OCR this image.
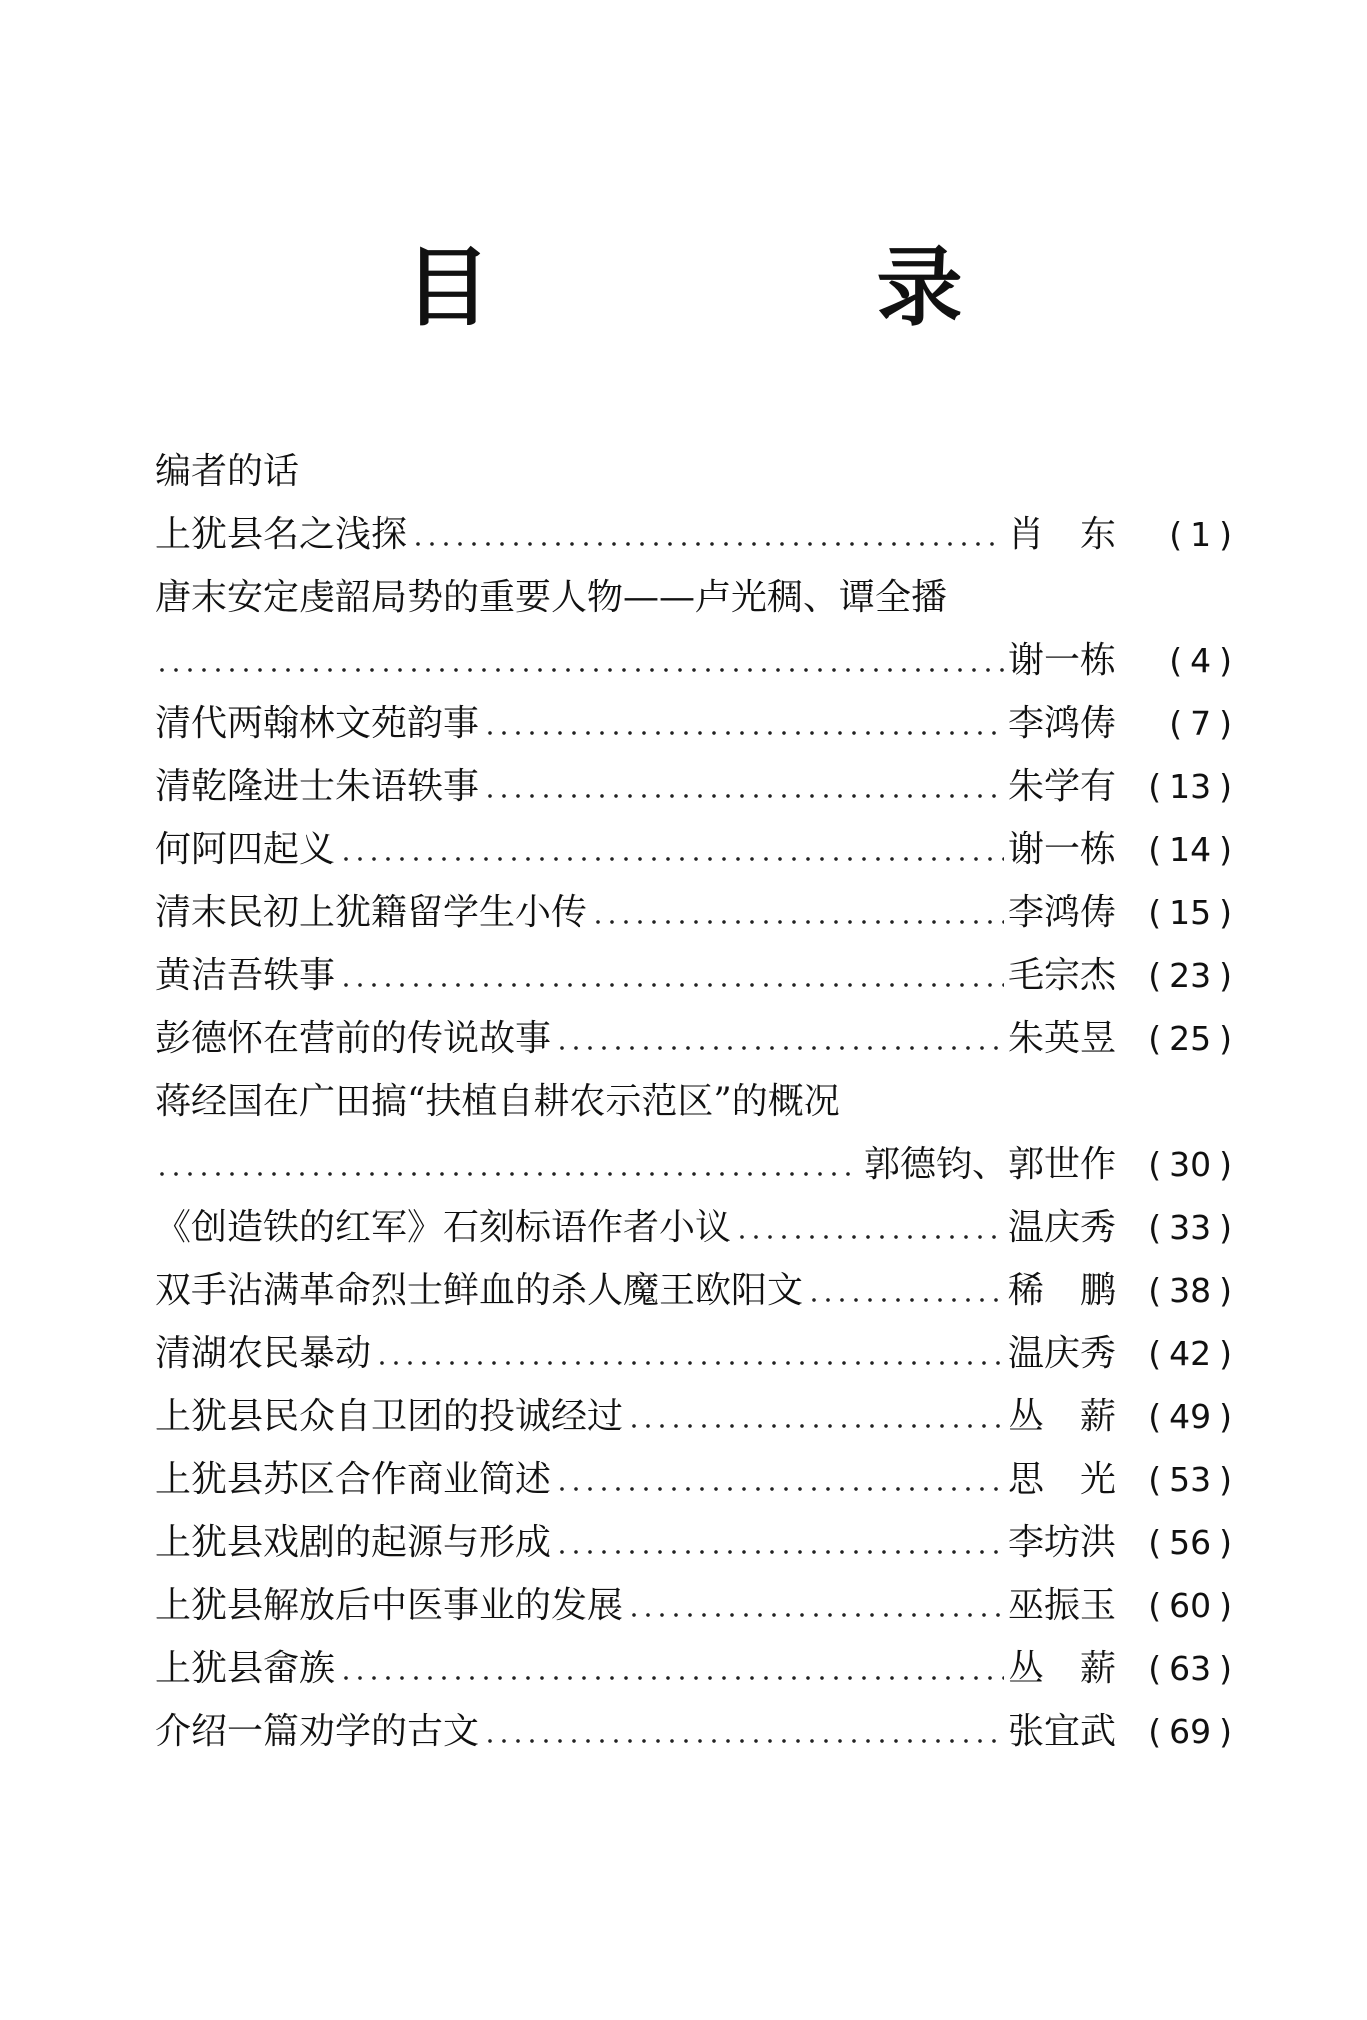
目　录
编者的话
上犹县名之浅探	肖　东	( 1 )
唐末安定虔韶局势的重要人物——卢光稠、谭全播
谢一栋	( 4 )
清代两翰林文苑韵事	李鸿俦	( 7 )
清乾隆进士朱语轶事	朱学有 ( 13 )
何阿四起义	谢一栋 ( 14 )
清末民初上犹籍留学生小传	李鸿俦 ( 15 )
黄洁吾轶事	毛宗杰 ( 23 )
彭德怀在营前的传说故事	朱英昱 ( 25 )
蒋经国在广田搞“扶植自耕农示范区”的概况
郭德钧、郭世作 ( 30 )
《创造铁的红军》石刻标语作者小议	温庆秀 ( 33 )
双手沾满革命烈士鲜血的杀人魔王欧阳文	稀　鹏 ( 38 )
清湖农民暴动	温庆秀 ( 42 )
上犹县民众自卫团的投诚经过	丛　薪 ( 49 )
上犹县苏区合作商业简述	思　光 ( 53 )
上犹县戏剧的起源与形成	李坊洪 ( 56 )
上犹县解放后中医事业的发展	巫振玉 ( 60 )
上犹县畲族	丛　薪 ( 63 )
介绍一篇劝学的古文	张宜武 ( 69 )
